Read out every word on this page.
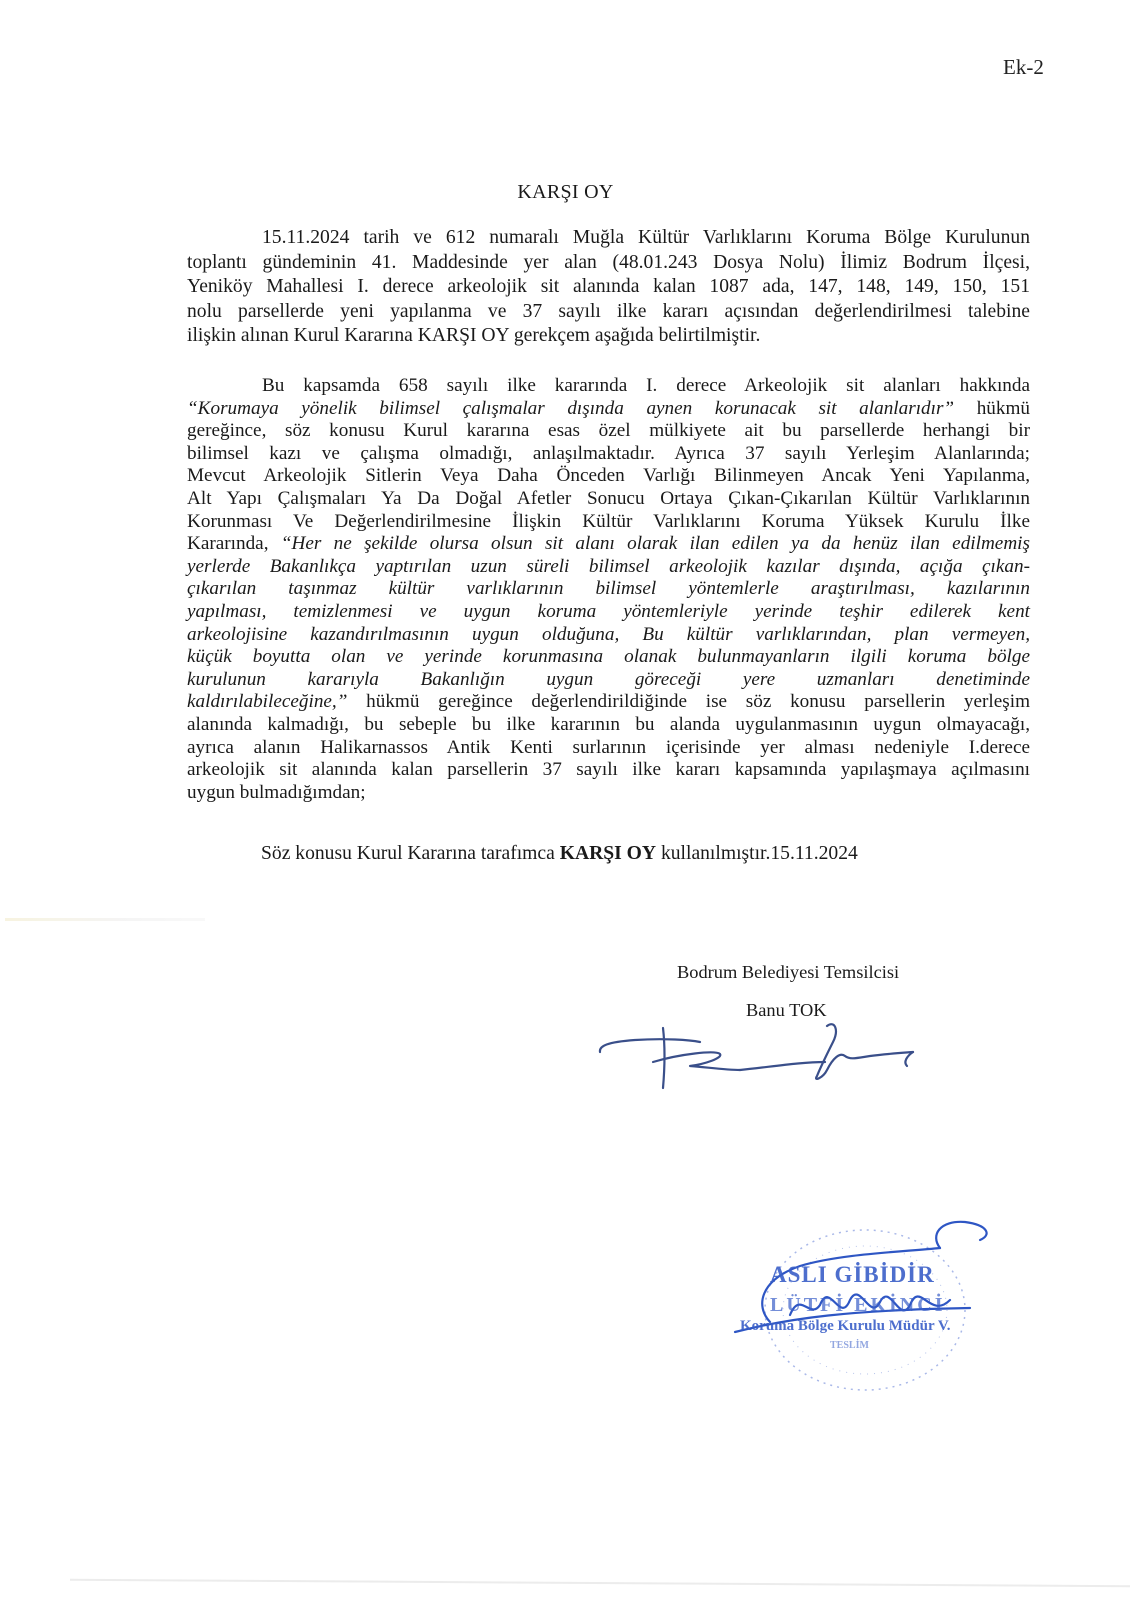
Ek-2
KARŞI OY
15.11.2024 tarih ve 612 numaralı Muğla Kültür Varlıklarını Koruma Bölge Kurulunun
toplantı gündeminin 41. Maddesinde yer alan (48.01.243 Dosya Nolu) İlimiz Bodrum İlçesi,
Yeniköy Mahallesi I. derece arkeolojik sit alanında kalan 1087 ada, 147, 148, 149, 150, 151
nolu parsellerde yeni yapılanma ve 37 sayılı ilke kararı açısından değerlendirilmesi talebine
ilişkin alınan Kurul Kararına KARŞI OY gerekçem aşağıda belirtilmiştir.
Bu kapsamda 658 sayılı ilke kararında I. derece Arkeolojik sit alanları hakkında
“Korumaya yönelik bilimsel çalışmalar dışında aynen korunacak sit alanlarıdır” hükmü
gereğince, söz konusu Kurul kararına esas özel mülkiyete ait bu parsellerde herhangi bir
bilimsel kazı ve çalışma olmadığı, anlaşılmaktadır. Ayrıca 37 sayılı Yerleşim Alanlarında;
Mevcut Arkeolojik Sitlerin Veya Daha Önceden Varlığı Bilinmeyen Ancak Yeni Yapılanma,
Alt Yapı Çalışmaları Ya Da Doğal Afetler Sonucu Ortaya Çıkan-Çıkarılan Kültür Varlıklarının
Korunması Ve Değerlendirilmesine İlişkin Kültür Varlıklarını Koruma Yüksek Kurulu İlke
Kararında, “Her ne şekilde olursa olsun sit alanı olarak ilan edilen ya da henüz ilan edilmemiş
yerlerde Bakanlıkça yaptırılan uzun süreli bilimsel arkeolojik kazılar dışında, açığa çıkan-
çıkarılan taşınmaz kültür varlıklarının bilimsel yöntemlerle araştırılması, kazılarının
yapılması, temizlenmesi ve uygun koruma yöntemleriyle yerinde teşhir edilerek kent
arkeolojisine kazandırılmasının uygun olduğuna, Bu kültür varlıklarından, plan vermeyen,
küçük boyutta olan ve yerinde korunmasına olanak bulunmayanların ilgili koruma bölge
kurulunun kararıyla Bakanlığın uygun göreceği yere uzmanları denetiminde
kaldırılabileceğine,” hükmü gereğince değerlendirildiğinde ise söz konusu parsellerin yerleşim
alanında kalmadığı, bu sebeple bu ilke kararının bu alanda uygulanmasının uygun olmayacağı,
ayrıca alanın Halikarnassos Antik Kenti surlarının içerisinde yer alması nedeniyle I.derece
arkeolojik sit alanında kalan parsellerin 37 sayılı ilke kararı kapsamında yapılaşmaya açılmasını
uygun bulmadığımdan;
Söz konusu Kurul Kararına tarafımca KARŞI OY kullanılmıştır.15.11.2024
Bodrum Belediyesi Temsilcisi
Banu TOK
ASLI GİBİDİR
LÜTFİ EKİNCİ
Koruma Bölge Kurulu Müdür V.
TESLİM
